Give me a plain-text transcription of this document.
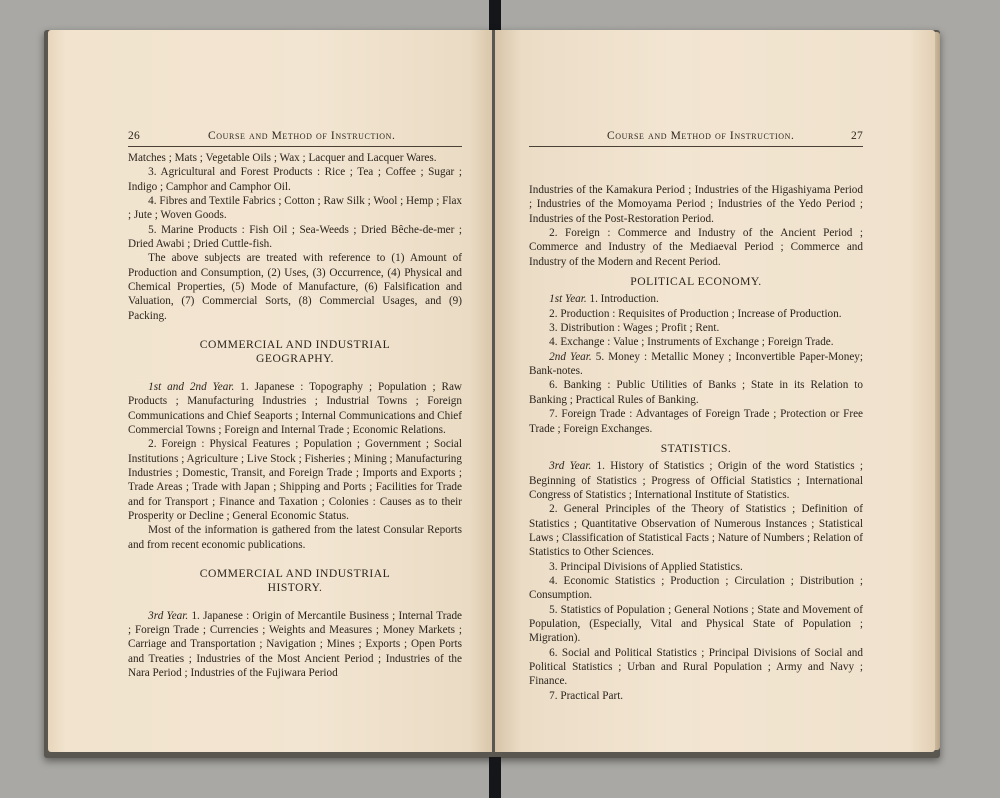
26	Course and Method of Instruction.

Matches ; Mats ; Vegetable Oils ; Wax ; Lacquer and Lacquer Wares.

3. Agricultural and Forest Products : Rice ; Tea ; Coffee ; Sugar ; Indigo ; Camphor and Camphor Oil.

4. Fibres and Textile Fabrics ; Cotton ; Raw Silk ; Wool ; Hemp ; Flax ; Jute ; Woven Goods.

5. Marine Products : Fish Oil ; Sea-Weeds ; Dried Bêche-de-mer ; Dried Awabi ; Dried Cuttle-fish.

The above subjects are treated with reference to (1) Amount of Production and Consumption, (2) Uses, (3) Occurrence, (4) Physical and Chemical Properties, (5) Mode of Manufacture, (6) Falsification and Valuation, (7) Commercial Sorts, (8) Commercial Usages, and (9) Packing.

COMMERCIAL AND INDUSTRIAL
GEOGRAPHY.

1st and 2nd Year. 1. Japanese : Topography ; Population ; Raw Products ; Manufacturing Industries ; Industrial Towns ; Foreign Communications and Chief Seaports ; Internal Communications and Chief Commercial Towns ; Foreign and Internal Trade ; Economic Relations.

2. Foreign : Physical Features ; Population ; Government ; Social Institutions ; Agriculture ; Live Stock ; Fisheries ; Mining ; Manufacturing Industries ; Domestic, Transit, and Foreign Trade ; Imports and Exports ; Trade Areas ; Trade with Japan ; Shipping and Ports ; Facilities for Trade and for Transport ; Finance and Taxation ; Colonies : Causes as to their Prosperity or Decline ; General Economic Status.

Most of the information is gathered from the latest Consular Reports and from recent economic publications.

COMMERCIAL AND INDUSTRIAL
HISTORY.

3rd Year. 1. Japanese : Origin of Mercantile Business ; Internal Trade ; Foreign Trade ; Currencies ; Weights and Measures ; Money Markets ; Carriage and Transportation ; Navigation ; Mines ; Exports ; Open Ports and Treaties ; Industries of the Most Ancient Period ; Industries of the Nara Period ; Industries of the Fujiwara Period

Course and Method of Instruction.	27

Industries of the Kamakura Period ; Industries of the Higashiyama Period ; Industries of the Momoyama Period ; Industries of the Yedo Period ; Industries of the Post-Restoration Period.

2. Foreign : Commerce and Industry of the Ancient Period ; Commerce and Industry of the Mediaeval Period ; Commerce and Industry of the Modern and Recent Period.

POLITICAL ECONOMY.

1st Year. 1. Introduction.

2. Production : Requisites of Production ; Increase of Production.

3. Distribution : Wages ; Profit ; Rent.

4. Exchange : Value ; Instruments of Exchange ; Foreign Trade.

2nd Year. 5. Money : Metallic Money ; Inconvertible Paper-Money; Bank-notes.

6. Banking : Public Utilities of Banks ; State in its Relation to Banking ; Practical Rules of Banking.

7. Foreign Trade : Advantages of Foreign Trade ; Protection or Free Trade ; Foreign Exchanges.

STATISTICS.

3rd Year. 1. History of Statistics ; Origin of the word Statistics ; Beginning of Statistics ; Progress of Official Statistics ; International Congress of Statistics ; International Institute of Statistics.

2. General Principles of the Theory of Statistics ; Definition of Statistics ; Quantitative Observation of Numerous Instances ; Statistical Laws ; Classification of Statistical Facts ; Nature of Numbers ; Relation of Statistics to Other Sciences.

3. Principal Divisions of Applied Statistics.

4. Economic Statistics ; Production ; Circulation ; Distribution ; Consumption.

5. Statistics of Population ; General Notions ; State and Movement of Population, (Especially, Vital and Physical State of Population ; Migration).

6. Social and Political Statistics ; Principal Divisions of Social and Political Statistics ; Urban and Rural Population ; Army and Navy ; Finance.

7. Practical Part.
